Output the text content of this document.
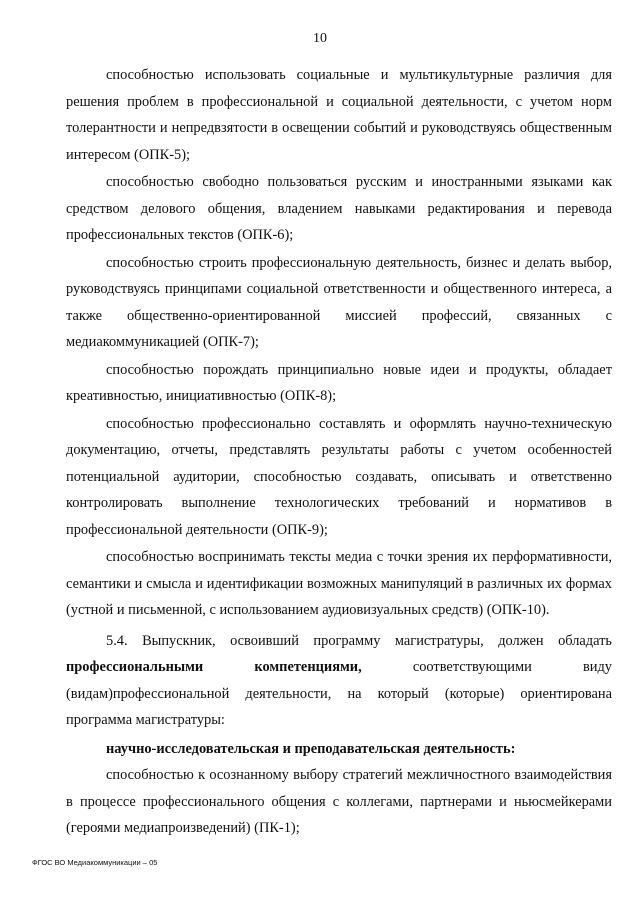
10

способностью использовать социальные и мультикультурные различия для решения проблем в профессиональной и социальной деятельности, с учетом норм толерантности и непредвзятости в освещении событий и руководствуясь общественным интересом (ОПК-5);

способностью свободно пользоваться русским и иностранными языками как средством делового общения, владением навыками редактирования и перевода профессиональных текстов (ОПК-6);

способностью строить профессиональную деятельность, бизнес и делать выбор, руководствуясь принципами социальной ответственности и общественного интереса, а также общественно-ориентированной миссией профессий, связанных с медиакоммуникацией (ОПК-7);

способностью порождать принципиально новые идеи и продукты, обладает креативностью, инициативностью (ОПК-8);

способностью профессионально составлять и оформлять научно-техническую документацию, отчеты, представлять результаты работы с учетом особенностей потенциальной аудитории, способностью создавать, описывать и ответственно контролировать выполнение технологических требований и нормативов в профессиональной деятельности (ОПК-9);

способностью воспринимать тексты медиа с точки зрения их перформативности, семантики и смысла и идентификации возможных манипуляций в различных их формах (устной и письменной, с использованием аудиовизуальных средств) (ОПК-10).

5.4. Выпускник, освоивший программу магистратуры, должен обладать профессиональными компетенциями,	соответствующими виду (видам)профессиональной деятельности, на который (которые) ориентирована программа магистратуры:

научно-исследовательская и преподавательская деятельность:

способностью к осознанному выбору стратегий межличностного взаимодействия в процессе профессионального общения с коллегами, партнерами и ньюсмейкерами (героями медиапроизведений) (ПК-1);

ФГОС ВО Медиакоммуникации – 05
